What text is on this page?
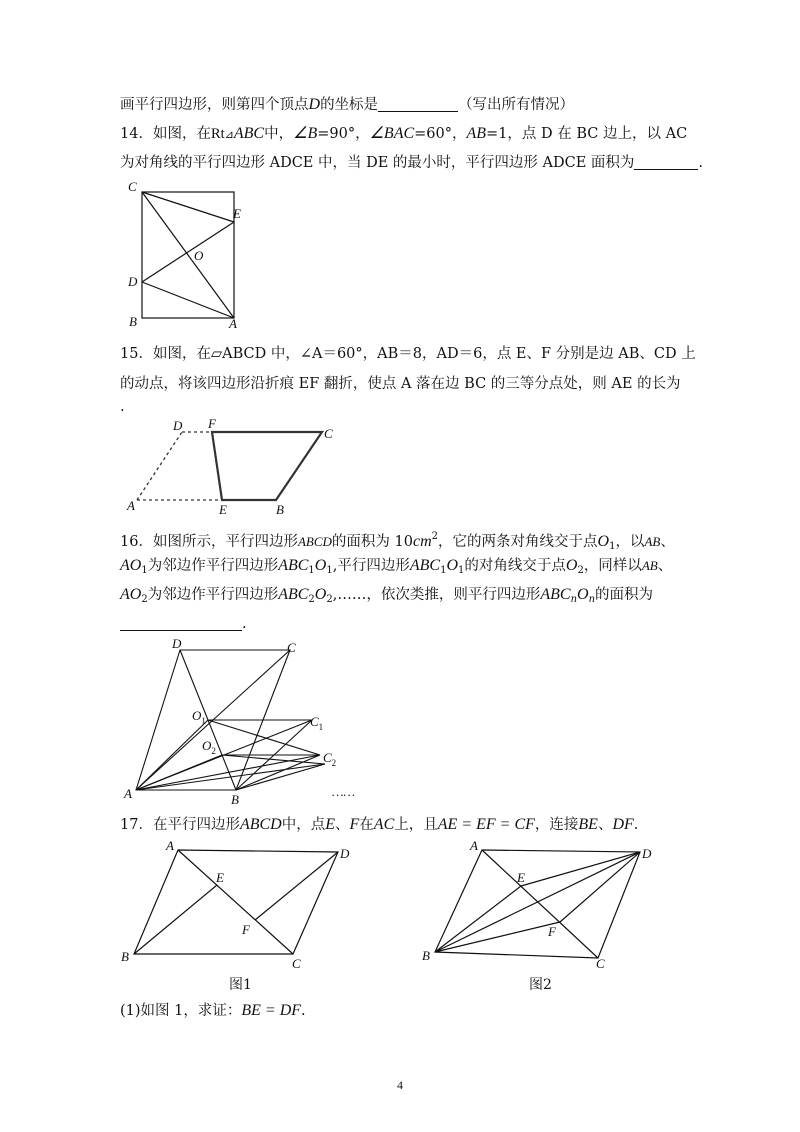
画平行四边形，则第四个顶点D的坐标是	（写出所有情况）
14．如图，在Rt⊿ABC中，∠B=90°，∠BAC=60°，AB=1，点 D 在 BC 边上，以 AC
为对角线的平行四边形 ADCE 中，当 DE 的最小时，平行四边形 ADCE 面积为	.
C
E
O
D
B	A
15．如图，在▱ABCD 中，∠A＝60°，AB＝8，AD＝6，点 E、F 分别是边 AB、CD 上
的动点，将该四边形沿折痕 EF 翻折，使点 A 落在边 BC 的三等分点处，则 AE 的长为
.
D F
C
A	E	B
16．如图所示，平行四边形ABCD的面积为 $10cm^2$，它的两条对角线交于点$O_1$，以AB、
$AO_1$为邻边作平行四边形$ABC_1O_1$,平行四边形$ABC_1O_1$的对角线交于点$O_2$，同样以AB、
$AO_2$为邻边作平行四边形$ABC_2O_2,\dots\dots$，依次类推，则平行四边形$ABC_nO_n$的面积为
.
D	C
$O_1$	$C_1$
$O_2$	$C_2$
A	B
……
17．在平行四边形ABCD中，点E、F在AC上，且AE = EF = CF，连接BE、DF.
A
D
E
F
B	C
图1
A
D
E
F
B
C
图2
(1)如图 1，求证：BE = DF.
4
